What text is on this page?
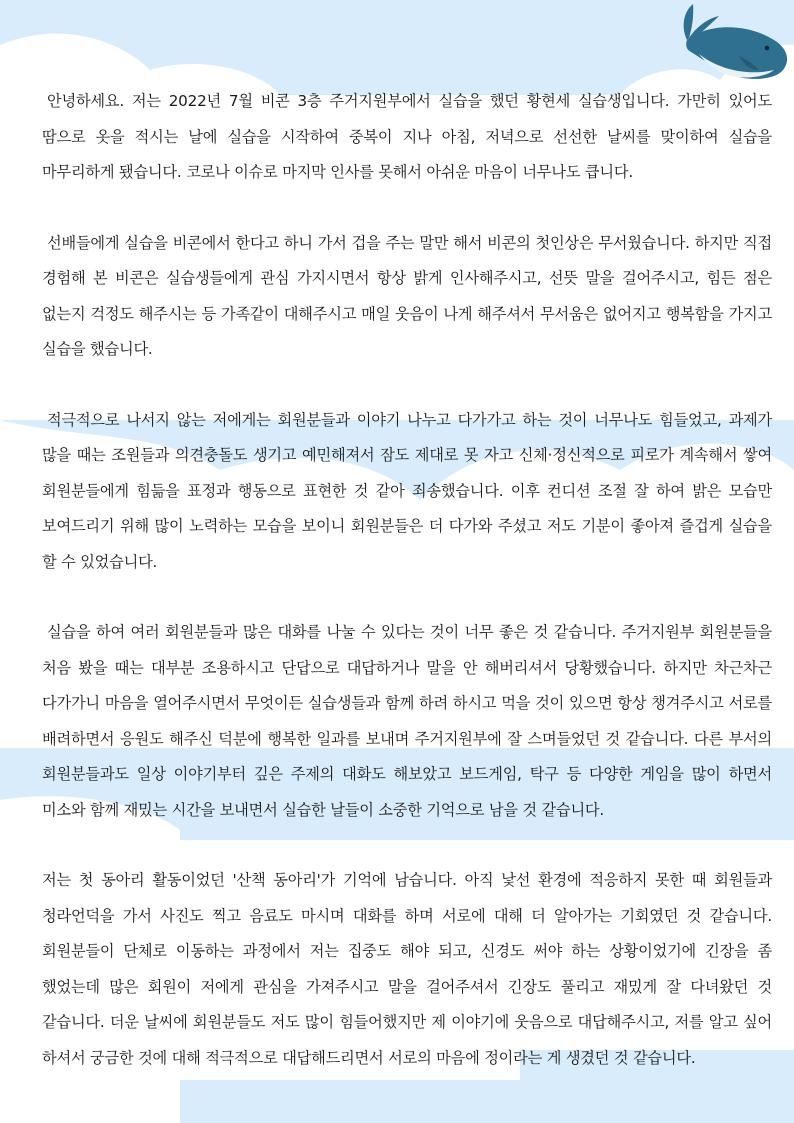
안녕하세요. 저는 2022년 7월 비콘 3층 주거지원부에서 실습을 했던 황현세 실습생입니다. 가만히 있어도 땀으로 옷을 적시는 날에 실습을 시작하여 중복이 지나 아침, 저녁으로 선선한 날씨를 맞이하여 실습을 마무리하게 됐습니다. 코로나 이슈로 마지막 인사를 못해서 아쉬운 마음이 너무나도 큽니다.

선배들에게 실습을 비콘에서 한다고 하니 가서 겁을 주는 말만 해서 비콘의 첫인상은 무서웠습니다. 하지만 직접 경험해 본 비콘은 실습생들에게 관심 가지시면서 항상 밝게 인사해주시고, 선뜻 말을 걸어주시고, 힘든 점은 없는지 걱정도 해주시는 등 가족같이 대해주시고 매일 웃음이 나게 해주셔서 무서움은 없어지고 행복함을 가지고 실습을 했습니다.

적극적으로 나서지 않는 저에게는 회원분들과 이야기 나누고 다가가고 하는 것이 너무나도 힘들었고, 과제가 많을 때는 조원들과 의견충돌도 생기고 예민해져서 잠도 제대로 못 자고 신체·정신적으로 피로가 계속해서 쌓여 회원분들에게 힘듦을 표정과 행동으로 표현한 것 같아 죄송했습니다. 이후 컨디션 조절 잘 하여 밝은 모습만 보여드리기 위해 많이 노력하는 모습을 보이니 회원분들은 더 다가와 주셨고 저도 기분이 좋아져 즐겁게 실습을 할 수 있었습니다.

실습을 하여 여러 회원분들과 많은 대화를 나눌 수 있다는 것이 너무 좋은 것 같습니다. 주거지원부 회원분들을 처음 봤을 때는 대부분 조용하시고 단답으로 대답하거나 말을 안 해버리셔서 당황했습니다. 하지만 차근차근 다가가니 마음을 열어주시면서 무엇이든 실습생들과 함께 하려 하시고 먹을 것이 있으면 항상 챙겨주시고 서로를 배려하면서 응원도 해주신 덕분에 행복한 일과를 보내며 주거지원부에 잘 스며들었던 것 같습니다. 다른 부서의 회원분들과도 일상 이야기부터 깊은 주제의 대화도 해보았고 보드게임, 탁구 등 다양한 게임을 많이 하면서 미소와 함께 재밌는 시간을 보내면서 실습한 날들이 소중한 기억으로 남을 것 같습니다.

저는 첫 동아리 활동이었던 '산책 동아리'가 기억에 남습니다. 아직 낯선 환경에 적응하지 못한 때 회원들과 청라언덕을 가서 사진도 찍고 음료도 마시며 대화를 하며 서로에 대해 더 알아가는 기회였던 것 같습니다. 회원분들이 단체로 이동하는 과정에서 저는 집중도 해야 되고, 신경도 써야 하는 상황이었기에 긴장을 좀 했었는데 많은 회원이 저에게 관심을 가져주시고 말을 걸어주셔서 긴장도 풀리고 재밌게 잘 다녀왔던 것 같습니다. 더운 날씨에 회원분들도 저도 많이 힘들어했지만 제 이야기에 웃음으로 대답해주시고, 저를 알고 싶어 하셔서 궁금한 것에 대해 적극적으로 대답해드리면서 서로의 마음에 정이라는 게 생겼던 것 같습니다.
